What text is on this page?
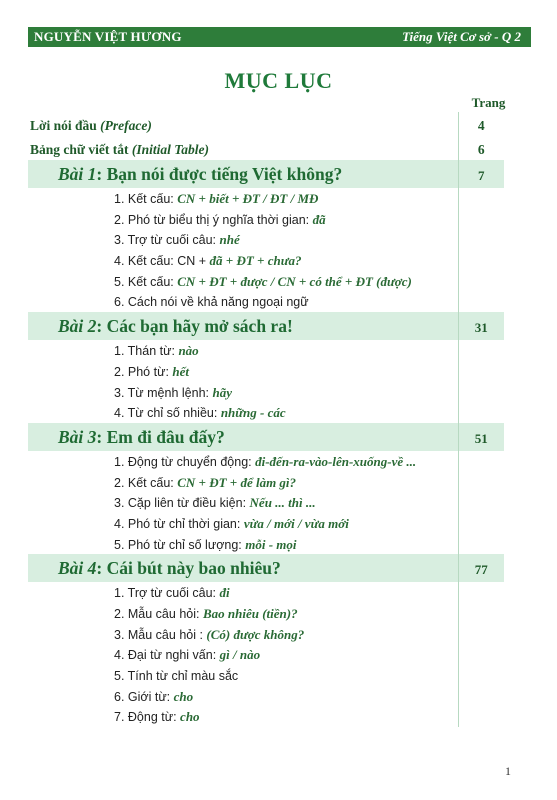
NGUYỄN VIỆT HƯƠNG	Tiếng Việt Cơ sở - Q 2
MỤC LỤC
Trang
Lời nói đầu (Preface)	4
Bảng chữ viết tắt (Initial Table)	6
Bài 1: Bạn nói được tiếng Việt không?	7
1. Kết cấu: CN + biết + ĐT / ĐT / MĐ	
2. Phó từ biểu thị ý nghĩa thời gian: đã	
3. Trợ từ cuối câu: nhé	
4. Kết cấu: CN + đã + ĐT + chưa?	
5. Kết cấu: CN + ĐT + được / CN + có thể + ĐT (được)	
6. Cách nói về khả năng ngoại ngữ	
Bài 2: Các bạn hãy mở sách ra!	31
1. Thán từ: nào	
2. Phó từ: hết	
3. Từ mệnh lệnh: hãy	
4. Từ chỉ số nhiều: những - các	
Bài 3: Em đi đâu đấy?	51
1. Động từ chuyển động: đi-đến-ra-vào-lên-xuống-về ...	
2. Kết cấu: CN + ĐT + để làm gì?	
3. Cặp liên từ điều kiện: Nếu ... thì ...	
4. Phó từ chỉ thời gian: vừa / mới / vừa mới	
5. Phó từ chỉ số lượng: mỗi - mọi	
Bài 4: Cái bút này bao nhiêu?	77
1. Trợ từ cuối câu: đi	
2. Mẫu câu hỏi: Bao nhiêu (tiền)?	
3. Mẫu câu hỏi : (Có) được không?	
4. Đại từ nghi vấn: gì / nào	
5. Tính từ chỉ màu sắc	
6. Giới từ: cho	
7. Động từ: cho	
1
